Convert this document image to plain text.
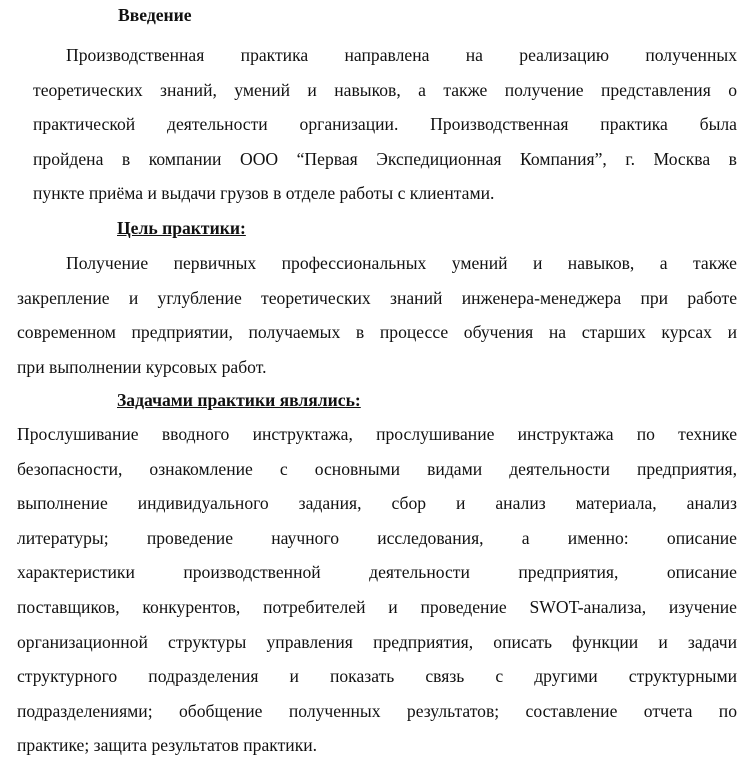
Введение
Производственная практика направлена на реализацию полученных
теоретических знаний, умений и навыков, а также получение представления о
практической деятельности организации. Производственная практика была
пройдена в компании ООО “Первая Экспедиционная Компания”, г. Москва в
пункте приёма и выдачи грузов в отделе работы с клиентами.
Цель практики:
Получение первичных профессиональных умений и навыков, а также
закрепление и углубление теоретических знаний инженера-менеджера при работе
современном предприятии, получаемых в процессе обучения на старших курсах и
при выполнении курсовых работ.
Задачами практики являлись:
Прослушивание вводного инструктажа, прослушивание инструктажа по технике
безопасности, ознакомление с основными видами деятельности предприятия,
выполнение индивидуального задания, сбор и анализ материала, анализ
литературы; проведение научного исследования, а именно: описание
характеристики производственной деятельности предприятия, описание
поставщиков, конкурентов, потребителей и проведение SWOT-анализа, изучение
организационной структуры управления предприятия, описать функции и задачи
структурного подразделения и показать связь с другими структурными
подразделениями; обобщение полученных результатов; составление отчета по
практике; защита результатов практики.
